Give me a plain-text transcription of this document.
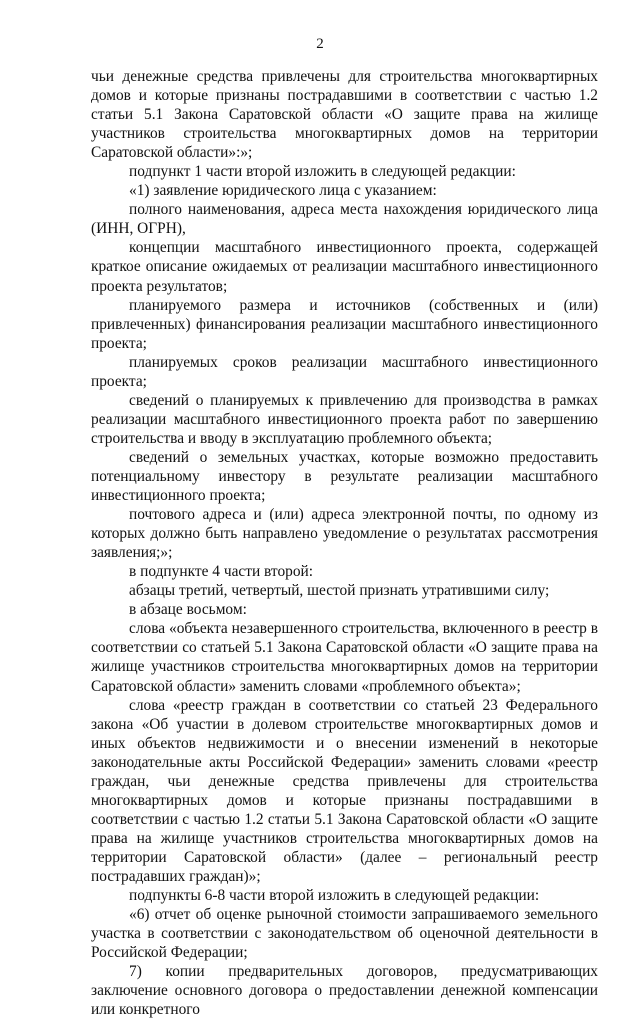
2

чьи денежные средства привлечены для строительства многоквартирных домов и которые признаны пострадавшими в соответствии с частью 1.2 статьи 5.1 Закона Саратовской области «О защите права на жилище участников строительства многоквартирных домов на территории Саратовской области»:»;

подпункт 1 части второй изложить в следующей редакции:

«1) заявление юридического лица с указанием:

полного наименования, адреса места нахождения юридического лица (ИНН, ОГРН),

концепции масштабного инвестиционного проекта, содержащей краткое описание ожидаемых от реализации масштабного инвестиционного проекта результатов;

планируемого размера и источников (собственных и (или) привлеченных) финансирования реализации масштабного инвестиционного проекта;

планируемых сроков реализации масштабного инвестиционного проекта;

сведений о планируемых к привлечению для производства в рамках реализации масштабного инвестиционного проекта работ по завершению строительства и вводу в эксплуатацию проблемного объекта;

сведений о земельных участках, которые возможно предоставить потенциальному инвестору в результате реализации масштабного инвестиционного проекта;

почтового адреса и (или) адреса электронной почты, по одному из которых должно быть направлено уведомление о результатах рассмотрения заявления;»;

в подпункте 4 части второй:

абзацы третий, четвертый, шестой признать утратившими силу;

в абзаце восьмом:

слова «объекта незавершенного строительства, включенного в реестр в соответствии со статьей 5.1 Закона Саратовской области «О защите права на жилище участников строительства многоквартирных домов на территории Саратовской области» заменить словами «проблемного объекта»;

слова «реестр граждан в соответствии со статьей 23 Федерального закона «Об участии в долевом строительстве многоквартирных домов и иных объектов недвижимости и о внесении изменений в некоторые законодательные акты Российской Федерации» заменить словами «реестр граждан, чьи денежные средства привлечены для строительства многоквартирных домов и которые признаны пострадавшими в соответствии с частью 1.2 статьи 5.1 Закона Саратовской области «О защите права на жилище участников строительства многоквартирных домов на территории Саратовской области» (далее – региональный реестр пострадавших граждан)»;

подпункты 6-8 части второй изложить в следующей редакции:

«6) отчет об оценке рыночной стоимости запрашиваемого земельного участка в соответствии с законодательством об оценочной деятельности в Российской Федерации;

7) копии предварительных договоров, предусматривающих заключение основного договора о предоставлении денежной компенсации или конкретного
